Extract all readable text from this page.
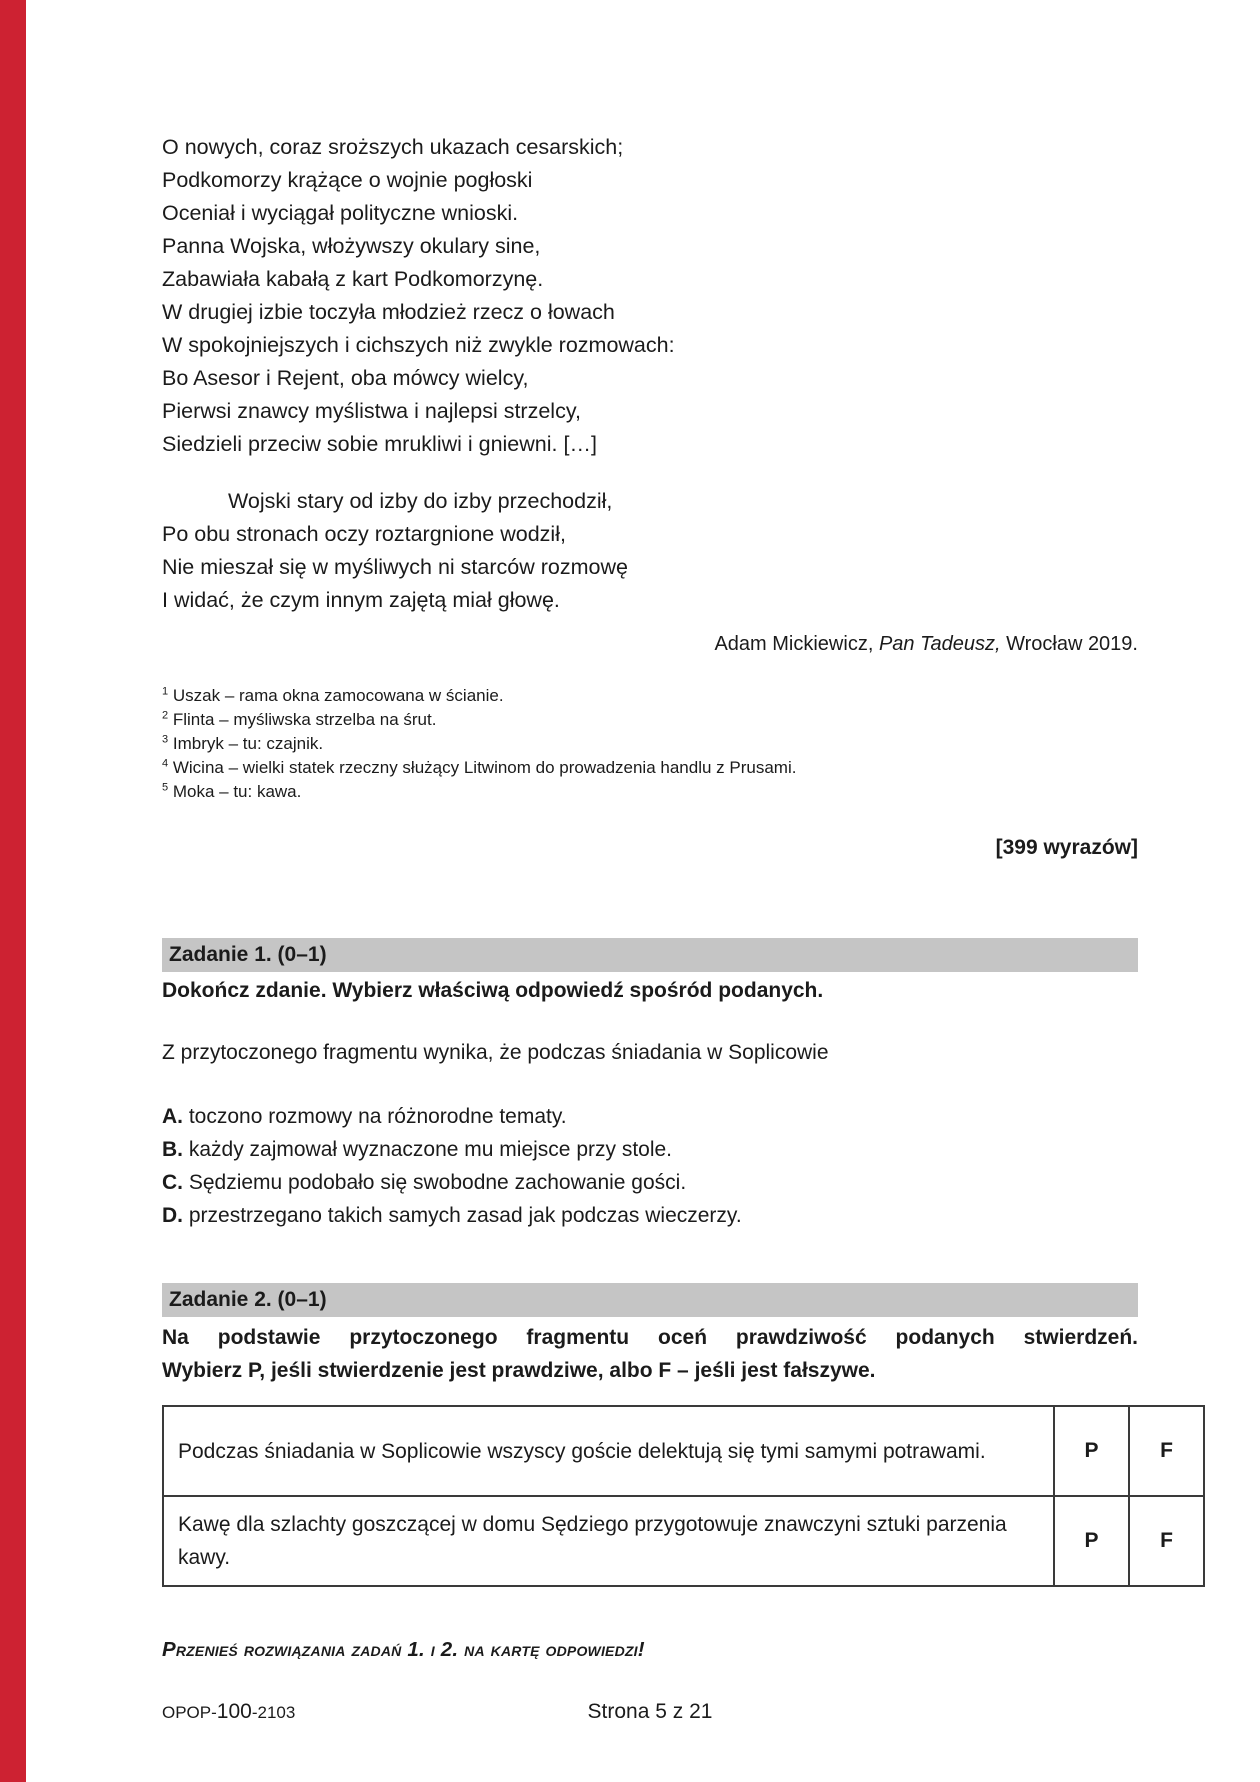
O nowych, coraz sroższych ukazach cesarskich;
Podkomorzy krążące o wojnie pogłoski
Oceniał i wyciągał polityczne wnioski.
Panna Wojska, włożywszy okulary sine,
Zabawiała kabałą z kart Podkomorzynę.
W drugiej izbie toczyła młodzież rzecz o łowach
W spokojniejszych i cichszych niż zwykle rozmowach:
Bo Asesor i Rejent, oba mówcy wielcy,
Pierwsi znawcy myślistwa i najlepsi strzelcy,
Siedzieli przeciw sobie mrukliwi i gniewni. […]
Wojski stary od izby do izby przechodził,
Po obu stronach oczy roztargnione wodził,
Nie mieszał się w myśliwych ni starców rozmowę
I widać, że czym innym zajętą miał głowę.
Adam Mickiewicz, Pan Tadeusz, Wrocław 2019.
$^1$ Uszak – rama okna zamocowana w ścianie.
$^2$ Flinta – myśliwska strzelba na śrut.
$^3$ Imbryk – tu: czajnik.
$^4$ Wicina – wielki statek rzeczny służący Litwinom do prowadzenia handlu z Prusami.
$^5$ Moka – tu: kawa.
[399 wyrazów]
Zadanie 1. (0–1)
Dokończ zdanie. Wybierz właściwą odpowiedź spośród podanych.
Z przytoczonego fragmentu wynika, że podczas śniadania w Soplicowie
A. toczono rozmowy na różnorodne tematy.
B. każdy zajmował wyznaczone mu miejsce przy stole.
C. Sędziemu podobało się swobodne zachowanie gości.
D. przestrzegano takich samych zasad jak podczas wieczerzy.
Zadanie 2. (0–1)
Na podstawie przytoczonego fragmentu oceń prawdziwość podanych stwierdzeń.
Wybierz P, jeśli stwierdzenie jest prawdziwe, albo F – jeśli jest fałszywe.
Podczas śniadania w Soplicowie wszyscy goście delektują się tymi samymi potrawami.	P	F
Kawę dla szlachty goszczącej w domu Sędziego przygotowuje znawczyni sztuki parzenia kawy.	P	F
Przenieś rozwiązania zadań 1. i 2. na kartę odpowiedzi!
OPOP-100-2103	Strona 5 z 21
